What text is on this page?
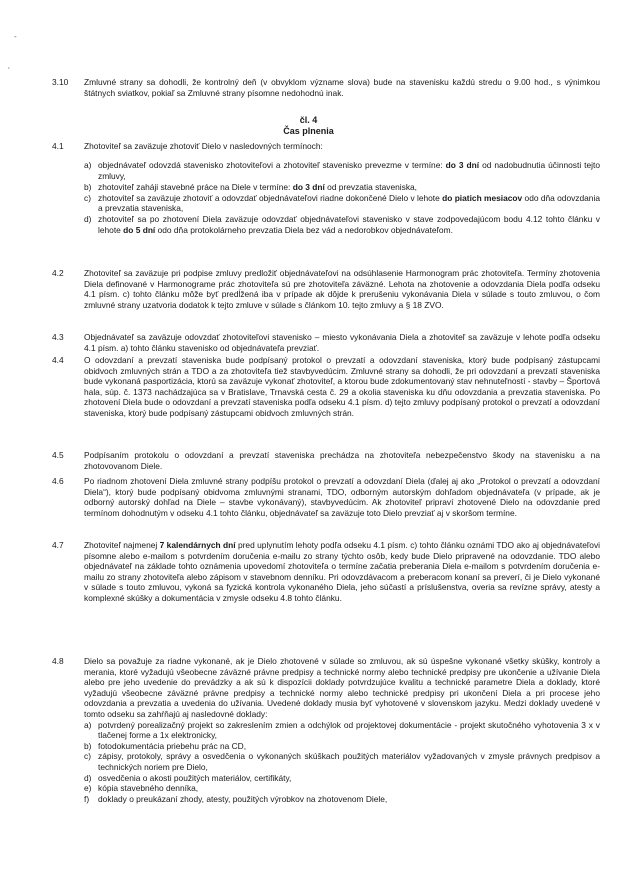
-
‘
3.10	Zmluvné strany sa dohodli, že kontrolný deň (v obvyklom význame slova) bude na stavenisku každú stredu o 9.00 hod., s výnimkou štátnych sviatkov, pokiaľ sa Zmluvné strany písomne nedohodnú inak.
čl. 4
Čas plnenia
4.1	Zhotoviteľ sa zaväzuje zhotoviť Dielo v nasledovných termínoch:
a) objednávateľ odovzdá stavenisko zhotoviteľovi a zhotoviteľ stavenisko prevezme v termíne: do 3 dní od nadobudnutia účinnosti tejto zmluvy,
b) zhotoviteľ zaháji stavebné práce na Diele v termíne: do 3 dní od prevzatia staveniska,
c) zhotoviteľ sa zaväzuje zhotoviť a odovzdať objednávateľovi riadne dokončené Dielo v lehote do piatich mesiacov odo dňa odovzdania a prevzatia staveniska,
d) zhotoviteľ sa po zhotovení Diela zaväzuje odovzdať objednávateľovi stavenisko v stave zodpovedajúcom bodu 4.12 tohto článku v lehote do 5 dní odo dňa protokolárneho prevzatia Diela bez vád a nedorobkov objednávateľom.
4.2	Zhotoviteľ sa zaväzuje pri podpise zmluvy predložiť objednávateľovi na odsúhlasenie Harmonogram prác zhotoviteľa. Termíny zhotovenia Diela definované v Harmonograme prác zhotoviteľa sú pre zhotoviteľa záväzné. Lehota na zhotovenie a odovzdania Diela podľa odseku 4.1 písm. c) tohto článku môže byť predĺžená iba v prípade ak dôjde k prerušeniu vykonávania Diela v súlade s touto zmluvou, o čom zmluvné strany uzatvoria dodatok k tejto zmluve v súlade s článkom 10. tejto zmluvy a § 18 ZVO.
4.3	Objednávateľ sa zaväzuje odovzdať zhotoviteľovi stavenisko – miesto vykonávania Diela a zhotoviteľ sa zaväzuje v lehote podľa odseku 4.1 písm. a) tohto článku stavenisko od objednávateľa prevziať.
4.4	O odovzdaní a prevzatí staveniska bude podpísaný protokol o prevzatí a odovzdaní staveniska, ktorý bude podpísaný zástupcami obidvoch zmluvných strán a TDO a za zhotoviteľa tiež stavbyvedúcim. Zmluvné strany sa dohodli, že pri odovzdaní a prevzatí staveniska bude vykonaná pasportizácia, ktorú sa zaväzuje vykonať zhotoviteľ, a ktorou bude zdokumentovaný stav nehnuteľností - stavby – Športová hala, súp. č. 1373 nachádzajúca sa v Bratislave, Trnavská cesta č. 29 a okolia staveniska ku dňu odovzdania a prevzatia staveniska. Po zhotovení Diela bude o odovzdaní a prevzatí staveniska podľa odseku 4.1 písm. d) tejto zmluvy podpísaný protokol o prevzatí a odovzdaní staveniska, ktorý bude podpísaný zástupcami obidvoch zmluvných strán.
4.5	Podpísaním protokolu o odovzdaní a prevzatí staveniska prechádza na zhotoviteľa nebezpečenstvo škody na stavenisku a na zhotovovanom Diele.
4.6	Po riadnom zhotovení Diela zmluvné strany podpíšu protokol o prevzatí a odovzdaní Diela (ďalej aj ako „Protokol o prevzatí a odovzdaní Diela“), ktorý bude podpísaný obidvoma zmluvnými stranami, TDO, odborným autorským dohľadom objednávateľa (v prípade, ak je odborný autorský dohľad na Diele – stavbe vykonávaný), stavbyvedúcim. Ak zhotoviteľ pripraví zhotovené Dielo na odovzdanie pred termínom dohodnutým v odseku 4.1 tohto článku, objednávateľ sa zaväzuje toto Dielo prevziať aj v skoršom termíne.
4.7	Zhotoviteľ najmenej 7 kalendárnych dní pred uplynutím lehoty podľa odseku 4.1 písm. c) tohto článku oznámi TDO ako aj objednávateľovi písomne alebo e-mailom s potvrdením doručenia e-mailu zo strany týchto osôb, kedy bude Dielo pripravené na odovzdanie. TDO alebo objednávateľ na základe tohto oznámenia upovedomí zhotoviteľa o termíne začatia preberania Diela e-mailom s potvrdením doručenia e-mailu zo strany zhotoviteľa alebo zápisom v stavebnom denníku. Pri odovzdávacom a preberacom konaní sa preverí, či je Dielo vykonané v súlade s touto zmluvou, vykoná sa fyzická kontrola vykonaného Diela, jeho súčastí a príslušenstva, overia sa revízne správy, atesty a komplexné skúšky a dokumentácia v zmysle odseku 4.8 tohto článku.
4.8	Dielo sa považuje za riadne vykonané, ak je Dielo zhotovené v súlade so zmluvou, ak sú úspešne vykonané všetky skúšky, kontroly a merania, ktoré vyžadujú všeobecne záväzné právne predpisy a technické normy alebo technické predpisy pre ukončenie a užívanie Diela alebo pre jeho uvedenie do prevádzky a ak sú k dispozícii doklady potvrdzujúce kvalitu a technické parametre Diela a doklady, ktoré vyžadujú všeobecne záväzné právne predpisy a technické normy alebo technické predpisy pri ukončení Diela a pri procese jeho odovzdania a prevzatia a uvedenia do užívania. Uvedené doklady musia byť vyhotovené v slovenskom jazyku. Medzi doklady uvedené v tomto odseku sa zahŕňajú aj nasledovné doklady:
a) potvrdený porealizačný projekt so zakreslením zmien a odchýlok od projektovej dokumentácie - projekt skutočného vyhotovenia 3 x v tlačenej forme a 1x elektronicky,
b) fotodokumentácia priebehu prác na CD,
c) zápisy, protokoly, správy a osvedčenia o vykonaných skúškach použitých materiálov vyžadovaných v zmysle právnych predpisov a technických noriem pre Dielo,
d) osvedčenia o akosti použitých materiálov, certifikáty,
e) kópia stavebného denníka,
f) doklady o preukázaní zhody, atesty, použitých výrobkov na zhotovenom Diele,
